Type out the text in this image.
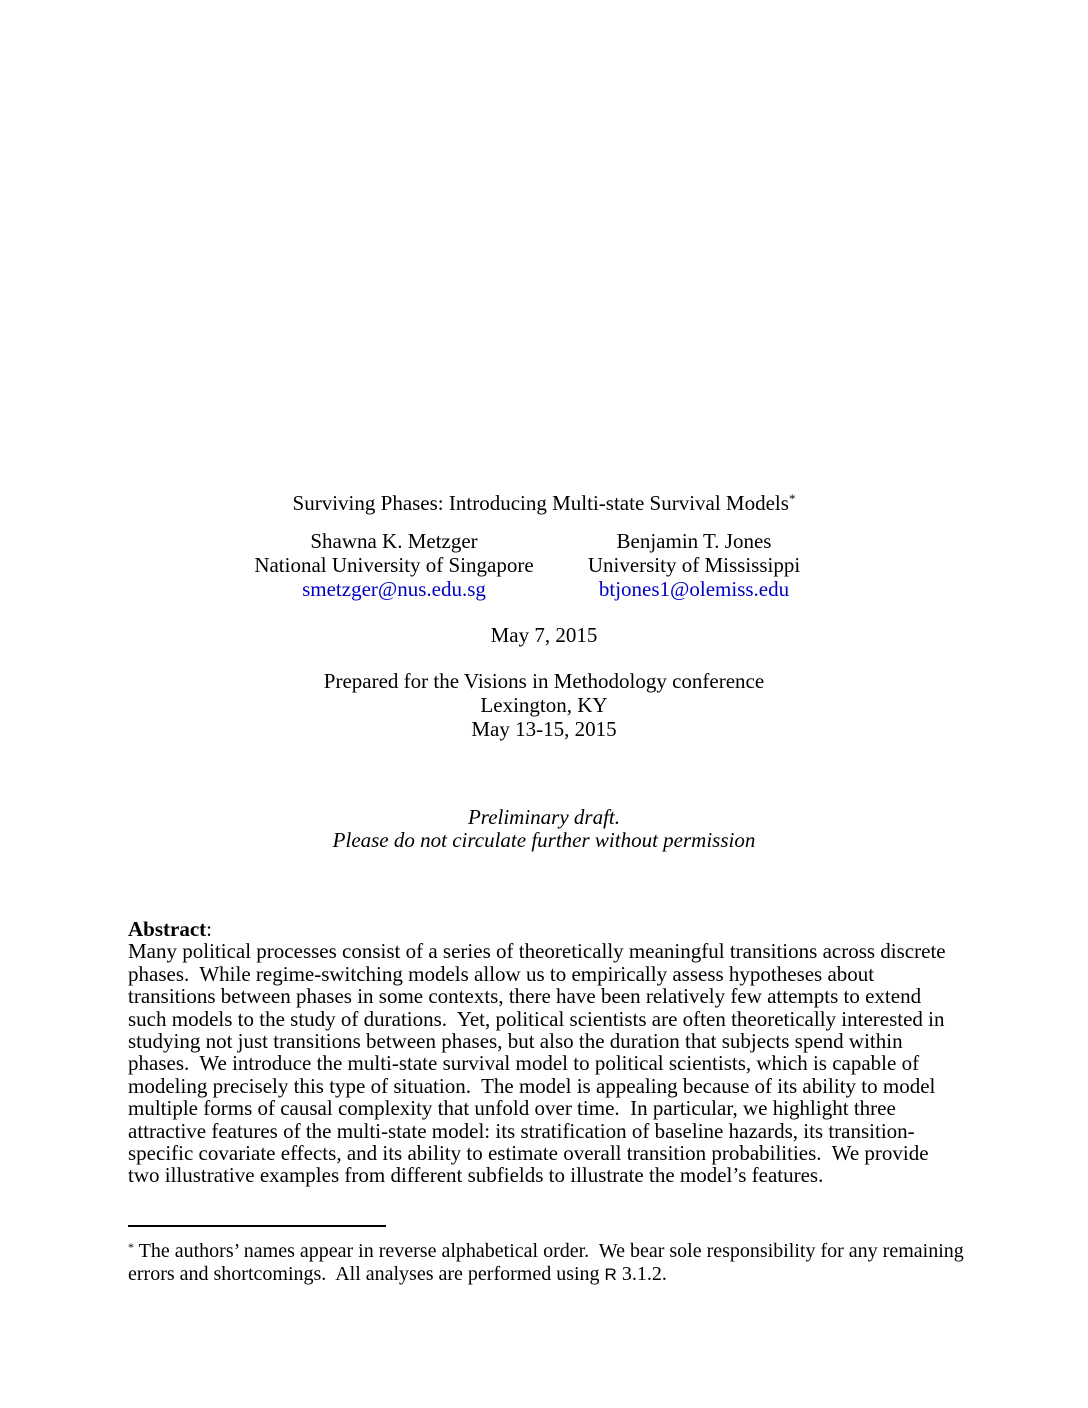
Surviving Phases: Introducing Multi-state Survival Models*
Shawna K. Metzger
National University of Singapore
smetzger@nus.edu.sg
Benjamin T. Jones
University of Mississippi
btjones1@olemiss.edu
May 7, 2015
Prepared for the Visions in Methodology conference
Lexington, KY
May 13-15, 2015
Preliminary draft.
Please do not circulate further without permission
Abstract:
Many political processes consist of a series of theoretically meaningful transitions across discrete phases.  While regime-switching models allow us to empirically assess hypotheses about transitions between phases in some contexts, there have been relatively few attempts to extend such models to the study of durations.  Yet, political scientists are often theoretically interested in studying not just transitions between phases, but also the duration that subjects spend within phases.  We introduce the multi-state survival model to political scientists, which is capable of modeling precisely this type of situation.  The model is appealing because of its ability to model multiple forms of causal complexity that unfold over time.  In particular, we highlight three attractive features of the multi-state model: its stratification of baseline hazards, its transition-specific covariate effects, and its ability to estimate overall transition probabilities.  We provide two illustrative examples from different subfields to illustrate the model’s features.
* The authors’ names appear in reverse alphabetical order.  We bear sole responsibility for any remaining errors and shortcomings.  All analyses are performed using R 3.1.2.
